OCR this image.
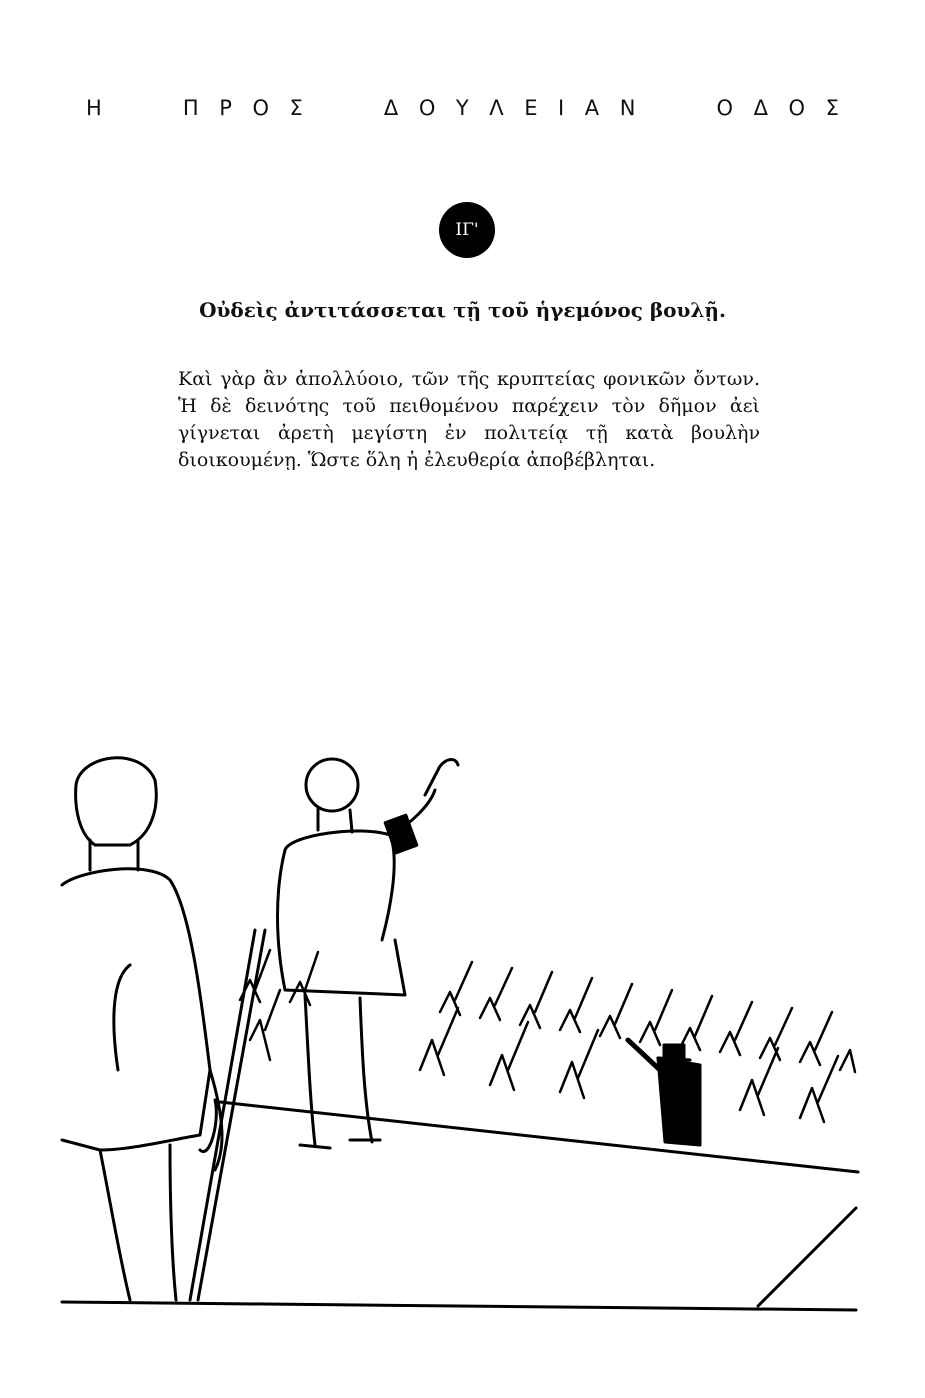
Η	Π Ρ Ο Σ	Δ Ο Υ Λ Ε Ι Α Ν	Ο Δ Ο Σ
ΙΓ'
Οὐδεὶς ἀντιτάσσεται τῇ τοῦ ἡγεμόνος βουλῇ.

Καὶ γὰρ ἂν ἀπολλύοιο, τῶν τῆς κρυπτείας φονικῶν ὄντων. Ἡ δὲ δεινότης τοῦ πειθομένου παρέχειν τὸν δῆμον ἀεὶ γίγνεται ἀρετὴ μεγίστη ἐν πολιτείᾳ τῇ κατὰ βουλὴν διοικουμένῃ. Ὥστε ὅλη ἡ ἐλευθερία ἀποβέβληται.
